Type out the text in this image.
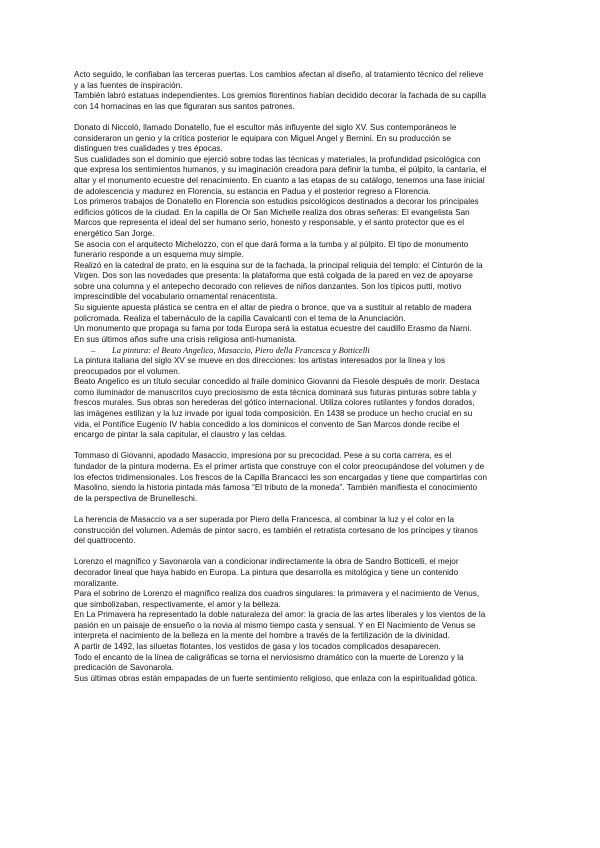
Acto seguido, le confiaban las terceras puertas. Los cambios afectan al diseño, al tratamiento técnico del relieve
y a las fuentes de inspiración.
También labró estatuas independientes. Los gremios florentinos habían decidido decorar la fachada de su capilla
con 14 hornacinas en las que figuraran sus santos patrones.

Donato di Niccolò, llamado Donatello, fue el escultor más influyente del siglo XV. Sus contemporáneos le
consideraron un genio y la crítica posterior le equipara con Miguel Angel y Bernini. En su producción se
distinguen tres cualidades y tres épocas.
Sus cualidades son el dominio que ejerció sobre todas las técnicas y materiales, la profundidad psicológica con
que expresa los sentimientos humanos, y su imaginación creadora para definir la tumba, el púlpito, la cantaría, el
altar y el monumento ecuestre del renacimiento. En cuanto a las etapas de su catálogo, tenemos una fase inicial
de adolescencia y madurez en Florencia, su estancia en Padua y el posterior regreso a Florencia.
Los primeros trabajos de Donatello en Florencia son estudios psicológicos destinados a decorar los principales
edificios góticos de la ciudad. En la capilla de Or San Michelle realiza dos obras señeras: El evangelista San
Marcos que representa el ideal del ser humano serio, honesto y responsable, y el santo protector que es el
energético San Jorge.
Se asocia con el arquitecto Michelozzo, con el que dará forma a la tumba y al púlpito. El tipo de monumento
funerario responde a un esquema muy simple.
Realizó en la catedral de prato, en la esquina sur de la fachada, la principal reliquia del templo: el Cinturón de la
Virgen. Dos son las novedades que presenta: la plataforma que está colgada de la pared en vez de apoyarse
sobre una columna y el antepecho decorado con relieves de niños danzantes. Son los típicos putti, motivo
imprescindible del vocabulario ornamental renacentista.
Su siguiente apuesta plástica se centra en el altar de piedra o bronce, que va a sustituir al retablo de madera
policromada. Realiza el tabernáculo de la capilla Cavalcanti con el tema de la Anunciación.
Un monumento que propaga su fama por toda Europa será la estatua ecuestre del caudillo Erasmo da Narni.
En sus últimos años sufre una crisis religiosa anti-humanista.

–	La pintura: el Beato Angelico, Masaccio, Piero della Francesca y Botticelli

La pintura italiana del siglo XV se mueve en dos direcciones: los artistas interesados por la línea y los
preocupados por el volumen.
Beato Angelico es un título secular concedido al fraile dominico Giovanni da Fiesole después de morir. Destaca
como iluminador de manuscritos cuyo preciosismo de esta técnica dominará sus futuras pinturas sobre tabla y
frescos murales. Sus obras son herederas del gótico internacional. Utiliza colores rutilantes y fondos dorados,
las imágenes estilizan y la luz invade por igual toda composición. En 1438 se produce un hecho crucial en su
vida, el Pontífice Eugenio IV había concedido a los dominicos el convento de San Marcos donde recibe el
encargo de pintar la sala capitular, el claustro y las celdas.

Tommaso di Giovanni, apodado Masaccio, impresiona por su precocidad. Pese a su corta carrera, es el
fundador de la pintura moderna. Es el primer artista que construye con el color preocupándose del volumen y de
los efectos tridimensionales. Los frescos de la Capilla Brancacci les son encargadas y tiene que compartirlas con
Masolino, siendo la historia pintada más famosa “El tributo de la moneda”. También manifiesta el conocimiento
de la perspectiva de Brunelleschi.

La herencia de Masaccio va a ser superada por Piero della Francesca, al combinar la luz y el color en la
construcción del volumen. Además de pintor sacro, es también el retratista cortesano de los príncipes y tiranos
del quattrocento.

Lorenzo el magnífico y Savonarola van a condicionar indirectamente la obra de Sandro Botticelli, el mejor
decorador lineal que haya habido en Europa. La pintura que desarrolla es mitológica y tiene un contenido
moralizante.
Para el sobrino de Lorenzo el magnífico realiza dos cuadros singulares: la primavera y el nacimiento de Venus,
que simbolizaban, respectivamente, el amor y la belleza.
En La Primavera ha representado la doble naturaleza del amor: la gracia de las artes liberales y los vientos de la
pasión en un paisaje de ensueño o la novia al mismo tiempo casta y sensual. Y en El Nacimiento de Venus se
interpreta el nacimiento de la belleza en la mente del hombre a través de la fertilización de la divinidad.
A partir de 1492, las siluetas flotantes, los vestidos de gasa y los tocados complicados desaparecen.
Todo el encanto de la línea de caligráficas se torna el nerviosismo dramático con la muerte de Lorenzo y la
predicación de Savonarola.
Sus últimas obras están empapadas de un fuerte sentimiento religioso, que enlaza con la espiritualidad gótica.
